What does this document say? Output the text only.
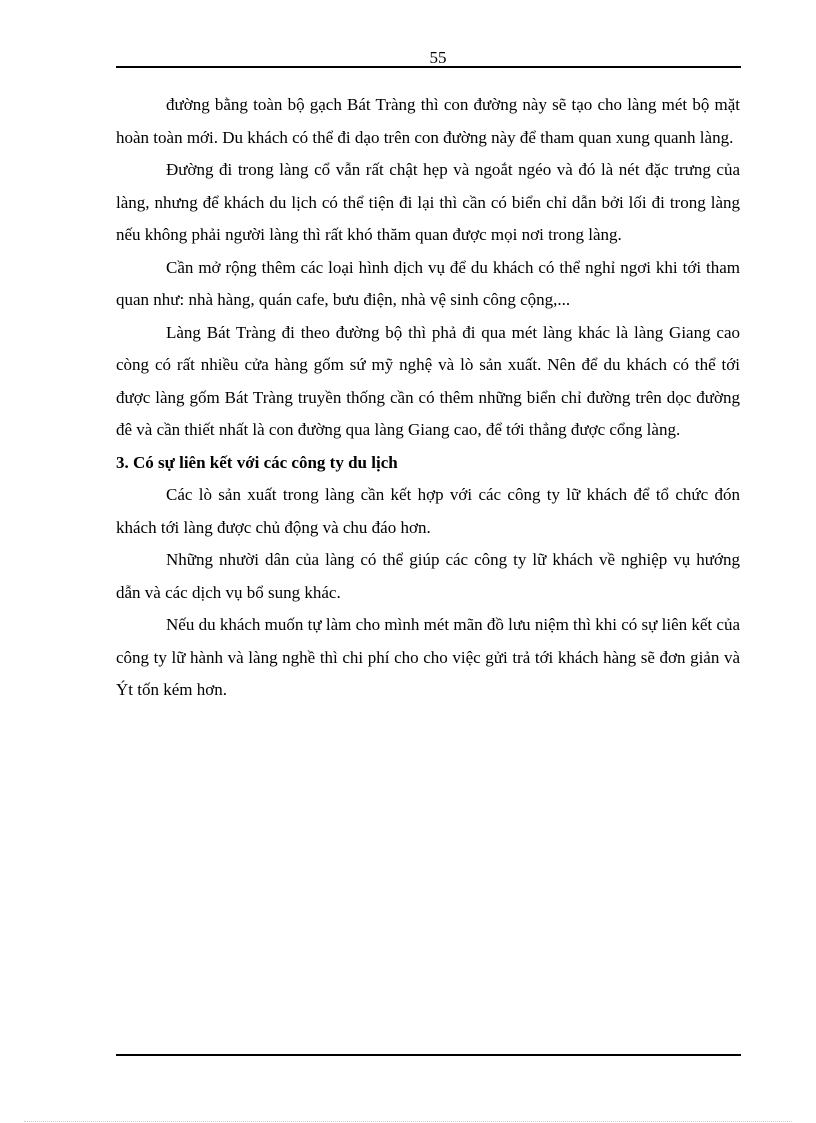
55

đường bằng toàn bộ gạch Bát Tràng thì con đường này sẽ tạo cho làng mét bộ mặt hoàn toàn mới. Du khách có thể đi dạo trên con đường này để tham quan xung quanh làng.

Đường đi trong làng cổ vẫn rất chật hẹp và ngoắt ngéo và đó là nét đặc trưng của làng, nhưng để khách du lịch có thể tiện đi lại thì cần có biển chỉ dẫn bởi lối đi trong làng nếu không phải người làng thì rất khó thăm quan được mọi nơi trong làng.

Cần mở rộng thêm các loại hình dịch vụ để du khách có thể nghỉ ngơi khi tới tham quan như: nhà hàng, quán cafe, bưu điện, nhà vệ sinh công cộng,...

Làng Bát Tràng đi theo đường bộ thì phả đi qua mét làng khác là làng Giang cao còng có rất nhiều cửa hàng gốm sứ mỹ nghệ và lò sản xuất. Nên để du khách có thể tới được làng gốm Bát Tràng truyền thống cần có thêm những biển chỉ đường trên dọc đường đê và cần thiết nhất là con đường qua làng Giang cao, để tới thẳng được cổng làng.

3. Có sự liên kết với các công ty du lịch

Các lò sản xuất trong làng cần kết hợp với các công ty lữ khách để tổ chức đón khách tới làng được chủ động và chu đáo hơn.

Những nhười dân của làng có thể giúp các công ty lữ khách về nghiệp vụ hướng dẫn và các dịch vụ bổ sung khác.

Nếu du khách muốn tự làm cho mình mét mãn đồ lưu niệm thì khi có sự liên kết của công ty lữ hành và làng nghề thì chi phí cho cho việc gửi trả tới khách hàng sẽ đơn giản và Ýt tốn kém hơn.
